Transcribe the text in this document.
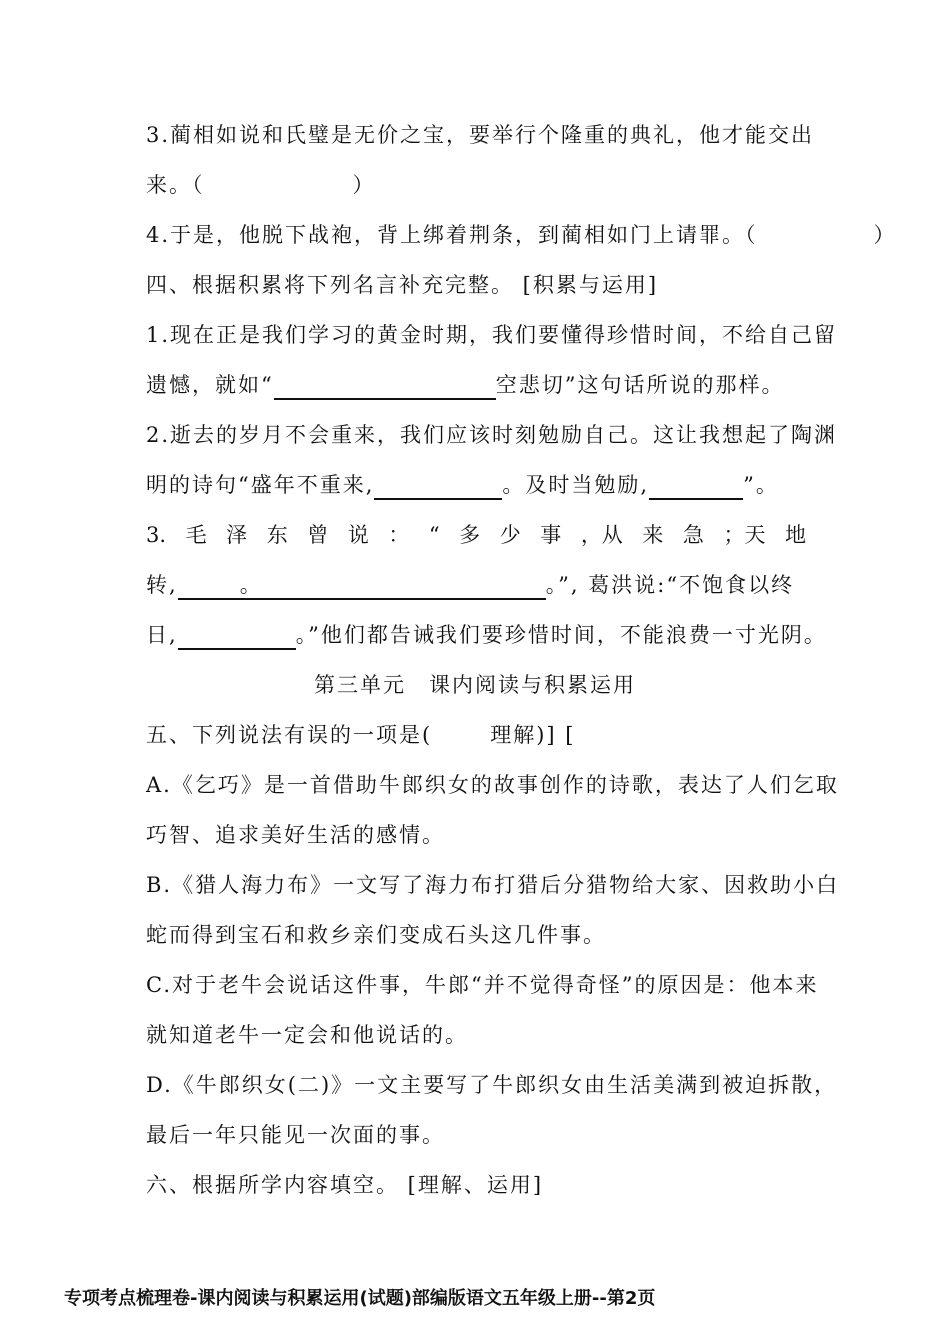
3.蔺相如说和氏璧是无价之宝，要举行个隆重的典礼，他才能交出
来。（	）
4.于是，他脱下战袍，背上绑着荆条，到蔺相如门上请罪。（	）
四、根据积累将下列名言补充完整。 [积累与运用]
1.现在正是我们学习的黄金时期，我们要懂得珍惜时间，不给自己留
遗憾，就如“	空悲切”这句话所说的那样。
2.逝去的岁月不会重来，我们应该时刻勉励自己。这让我想起了陶渊
明的诗句“盛年不重来,	。及时当勉励,	”。
3. 毛 泽 东 曾 说 ： “ 多 少 事 ，从 来 急 ；天 地
转,	。	。”, 葛洪说:“不饱食以终
日,	。”他们都告诫我们要珍惜时间，不能浪费一寸光阴。
第三单元　课内阅读与积累运用
五、下列说法有误的一项是(	理解)] [
A.《乞巧》是一首借助牛郎织女的故事创作的诗歌，表达了人们乞取
巧智、追求美好生活的感情。
B.《猎人海力布》一文写了海力布打猎后分猎物给大家、因救助小白
蛇而得到宝石和救乡亲们变成石头这几件事。
C.对于老牛会说话这件事，牛郎“并不觉得奇怪”的原因是：他本来
就知道老牛一定会和他说话的。
D.《牛郎织女(二)》一文主要写了牛郎织女由生活美满到被迫拆散，
最后一年只能见一次面的事。
六、根据所学内容填空。 [理解、运用]
专项考点梳理卷-课内阅读与积累运用(试题)部编版语文五年级上册--第2页
